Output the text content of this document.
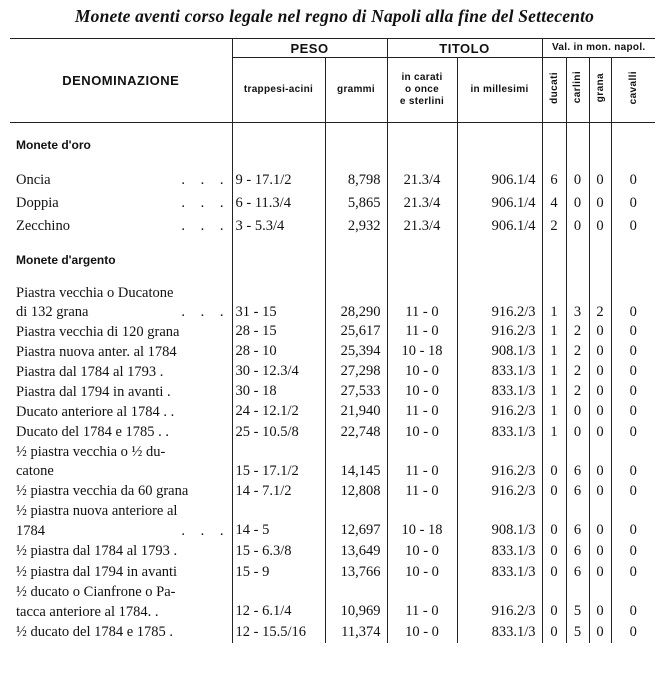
Monete aventi corso legale nel regno di Napoli alla fine del Settecento
DENOMINAZIONE	PESO		TITOLO		Val. in mon. napol.			
	trappesi-acini	grammi	in carati
o once
e sterlini	in millesimi	ducati	carlini	grana	cavalli

Monete d'oro								

Oncia . . .	9 - 17.1/2	8,798	21.3/4	906.1/4	6	0	0	0
Doppia . . .	6 - 11.3/4	5,865	21.3/4	906.1/4	4	0	0	0
Zecchino . . .	3 - 5.3/4	2,932	21.3/4	906.1/4	2	0	0	0

Monete d'argento								

Piastra vecchia o Ducatone								
di 132 grana . . .	31 - 15	28,290	11 - 0	916.2/3	1	3	2	0
Piastra vecchia di 120 grana	28 - 15	25,617	11 - 0	916.2/3	1	2	0	0
Piastra nuova anter. al 1784	28 - 10	25,394	10 - 18	908.1/3	1	2	0	0
Piastra dal 1784 al 1793 .	30 - 12.3/4	27,298	10 - 0	833.1/3	1	2	0	0
Piastra dal 1794 in avanti .	30 - 18	27,533	10 - 0	833.1/3	1	2	0	0
Ducato anteriore al 1784 . .	24 - 12.1/2	21,940	11 - 0	916.2/3	1	0	0	0
Ducato del 1784 e 1785 . .	25 - 10.5/8	22,748	10 - 0	833.1/3	1	0	0	0
½ piastra vecchia o ½ du-								
catone	15 - 17.1/2	14,145	11 - 0	916.2/3	0	6	0	0
½ piastra vecchia da 60 grana	14 - 7.1/2	12,808	11 - 0	916.2/3	0	6	0	0
½ piastra nuova anteriore al								
1784 . . .	14 - 5	12,697	10 - 18	908.1/3	0	6	0	0
½ piastra dal 1784 al 1793 .	15 - 6.3/8	13,649	10 - 0	833.1/3	0	6	0	0
½ piastra dal 1794 in avanti	15 - 9	13,766	10 - 0	833.1/3	0	6	0	0
½ ducato o Cianfrone o Pa-								
tacca anteriore al 1784. .	12 - 6.1/4	10,969	11 - 0	916.2/3	0	5	0	0
½ ducato del 1784 e 1785 .	12 - 15.5/16	11,374	10 - 0	833.1/3	0	5	0	0
